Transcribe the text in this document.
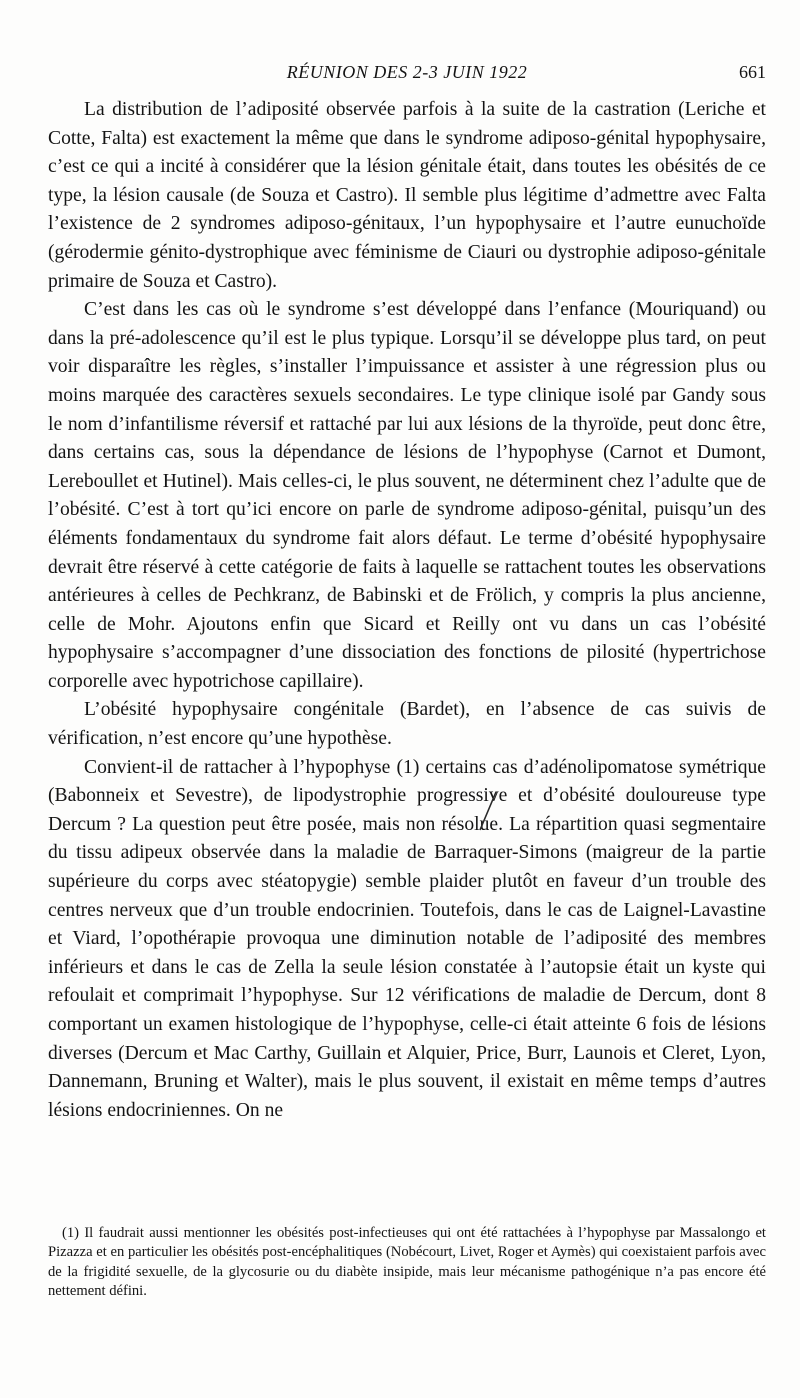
RÉUNION DES 2-3 JUIN 1922	661

La distribution de l’adiposité observée parfois à la suite de la castration (Leriche et Cotte, Falta) est exactement la même que dans le syndrome adiposo-génital hypophysaire, c’est ce qui a incité à considérer que la lésion génitale était, dans toutes les obésités de ce type, la lésion causale (de Souza et Castro). Il semble plus légitime d’admettre avec Falta l’existence de 2 syndromes adiposo-génitaux, l’un hypophysaire et l’autre eunuchoïde (gérodermie génito-dystrophique avec féminisme de Ciauri ou dystrophie adiposo-génitale primaire de Souza et Castro).

C’est dans les cas où le syndrome s’est développé dans l’enfance (Mouriquand) ou dans la pré-adolescence qu’il est le plus typique. Lorsqu’il se développe plus tard, on peut voir disparaître les règles, s’installer l’impuissance et assister à une régression plus ou moins marquée des caractères sexuels secondaires. Le type clinique isolé par Gandy sous le nom d’infantilisme réversif et rattaché par lui aux lésions de la thyroïde, peut donc être, dans certains cas, sous la dépendance de lésions de l’hypophyse (Carnot et Dumont, Lereboullet et Hutinel). Mais celles-ci, le plus souvent, ne déterminent chez l’adulte que de l’obésité. C’est à tort qu’ici encore on parle de syndrome adiposo-génital, puisqu’un des éléments fondamentaux du syndrome fait alors défaut. Le terme d’obésité hypophysaire devrait être réservé à cette catégorie de faits à laquelle se rattachent toutes les observations antérieures à celles de Pechkranz, de Babinski et de Frölich, y compris la plus ancienne, celle de Mohr. Ajoutons enfin que Sicard et Reilly ont vu dans un cas l’obésité hypophysaire s’accompagner d’une dissociation des fonctions de pilosité (hypertrichose corporelle avec hypotrichose capillaire).

L’obésité hypophysaire congénitale (Bardet), en l’absence de cas suivis de vérification, n’est encore qu’une hypothèse.

Convient-il de rattacher à l’hypophyse (1) certains cas d’adénolipomatose symétrique (Babonneix et Sevestre), de lipodystrophie progressive et d’obésité douloureuse type Dercum ? La question peut être posée, mais non résolue. La répartition quasi segmentaire du tissu adipeux observée dans la maladie de Barraquer-Simons (maigreur de la partie supérieure du corps avec stéatopygie) semble plaider plutôt en faveur d’un trouble des centres nerveux que d’un trouble endocrinien. Toutefois, dans le cas de Laignel-Lavastine et Viard, l’opothérapie provoqua une diminution notable de l’adiposité des membres inférieurs et dans le cas de Zella la seule lésion constatée à l’autopsie était un kyste qui refoulait et comprimait l’hypophyse. Sur 12 vérifications de maladie de Dercum, dont 8 comportant un examen histologique de l’hypophyse, celle-ci était atteinte 6 fois de lésions diverses (Dercum et Mac Carthy, Guillain et Alquier, Price, Burr, Launois et Cleret, Lyon, Dannemann, Bruning et Walter), mais le plus souvent, il existait en même temps d’autres lésions endocriniennes. On ne

(1) Il faudrait aussi mentionner les obésités post-infectieuses qui ont été rattachées à l’hypophyse par Massalongo et Pizazza et en particulier les obésités post-encéphalitiques (Nobécourt, Livet, Roger et Aymès) qui coexistaient parfois avec de la frigidité sexuelle, de la glycosurie ou du diabète insipide, mais leur mécanisme pathogénique n’a pas encore été nettement défini.
